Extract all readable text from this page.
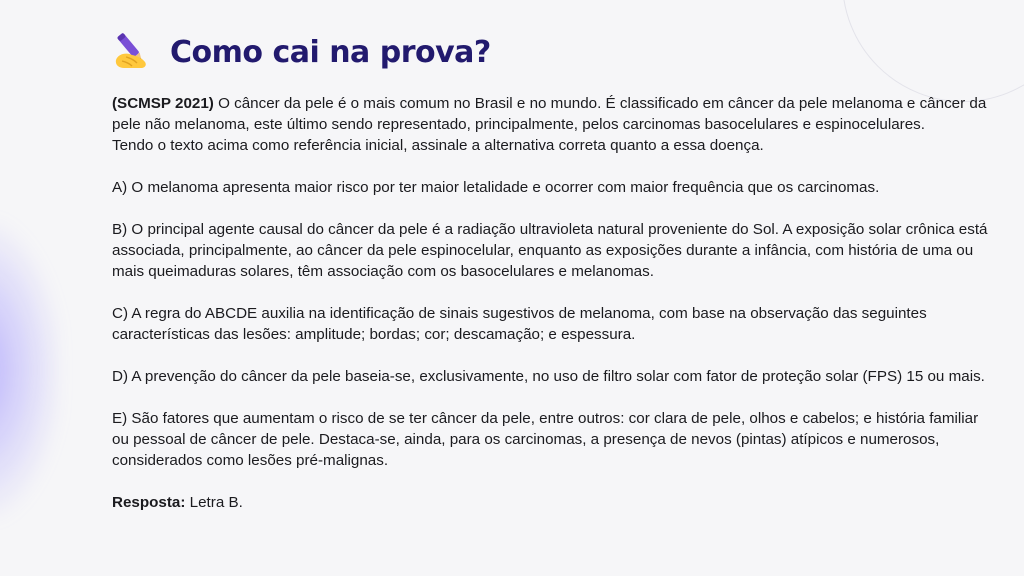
Como cai na prova?

(SCMSP 2021) O câncer da pele é o mais comum no Brasil e no mundo. É classificado em câncer da pele melanoma e câncer da pele não melanoma, este último sendo representado, principalmente, pelos carcinomas basocelulares e espinocelulares.

Tendo o texto acima como referência inicial, assinale a alternativa correta quanto a essa doença.

A) O melanoma apresenta maior risco por ter maior letalidade e ocorrer com maior frequência que os carcinomas.

B) O principal agente causal do câncer da pele é a radiação ultravioleta natural proveniente do Sol. A exposição solar crônica está associada, principalmente, ao câncer da pele espinocelular, enquanto as exposições durante a infância, com história de uma ou mais queimaduras solares, têm associação com os basocelulares e melanomas.

C) A regra do ABCDE auxilia na identificação de sinais sugestivos de melanoma, com base na observação das seguintes características das lesões: amplitude; bordas; cor; descamação; e espessura.

D) A prevenção do câncer da pele baseia-se, exclusivamente, no uso de filtro solar com fator de proteção solar (FPS) 15 ou mais.

E) São fatores que aumentam o risco de se ter câncer da pele, entre outros: cor clara de pele, olhos e cabelos; e história familiar ou pessoal de câncer de pele. Destaca-se, ainda, para os carcinomas, a presença de nevos (pintas) atípicos e numerosos, considerados como lesões pré-malignas.

Resposta: Letra B.
